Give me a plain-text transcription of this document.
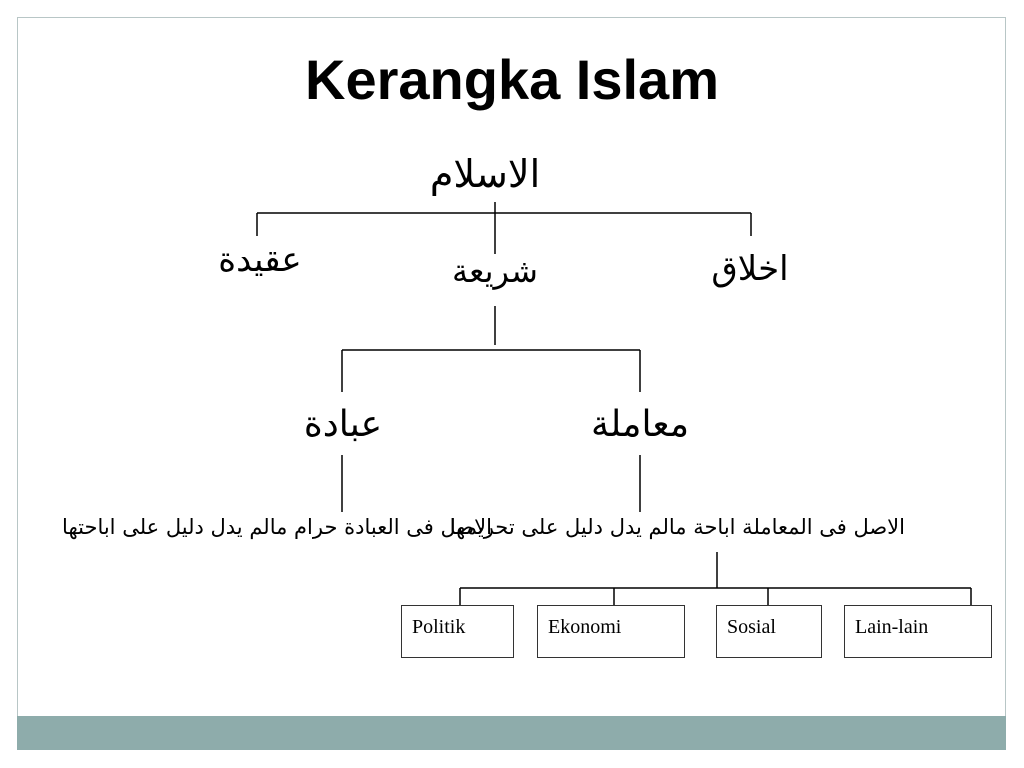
Kerangka Islam
الاسلام
عقيدة	شريعة	اخلاق
عبادة	معاملة
الاصل فى العبادة حرام مالم يدل دليل على اباحتها
الاصل فى المعاملة اباحة مالم يدل دليل على تحريمها
Politik	Ekonomi	Sosial	Lain-lain
